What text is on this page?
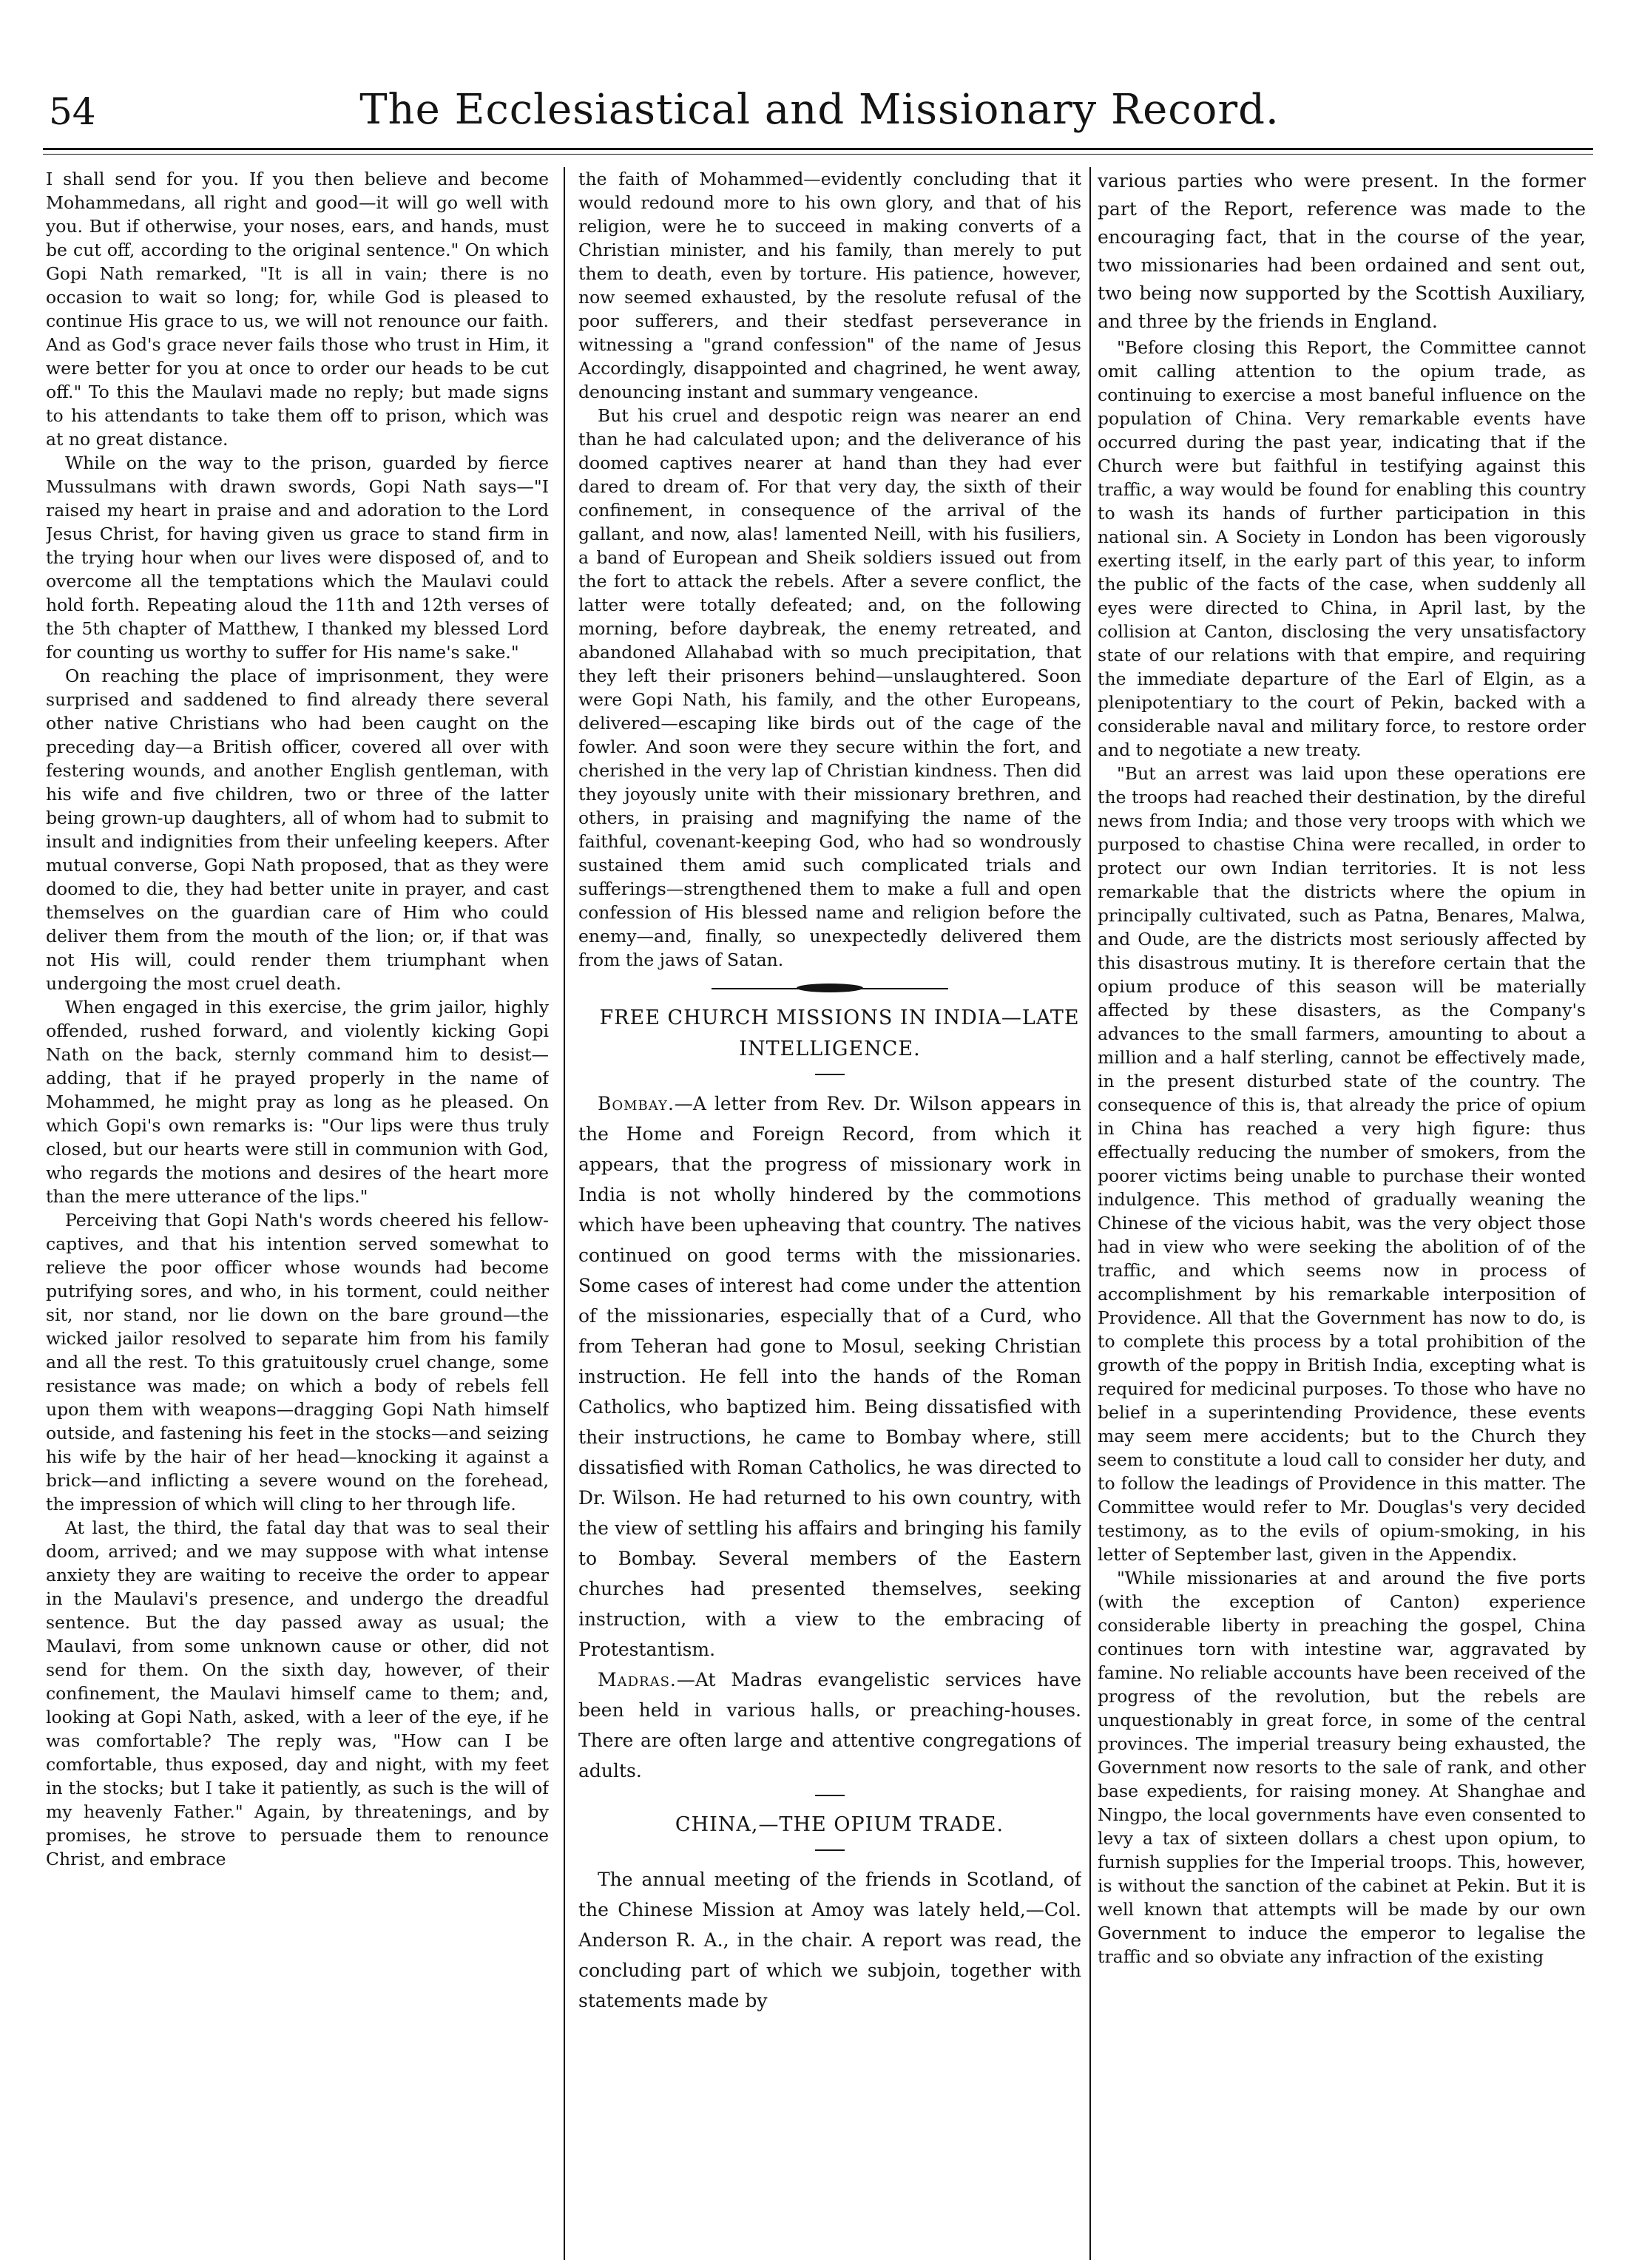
54	The Ecclesiastical and Missionary Record.

I shall send for you. If you then believe and become Mohammedans, all right and good—it will go well with you. But if otherwise, your noses, ears, and hands, must be cut off, according to the original sentence." On which Gopi Nath remarked, "It is all in vain; there is no occasion to wait so long; for, while God is pleased to continue His grace to us, we will not renounce our faith. And as God's grace never fails those who trust in Him, it were better for you at once to order our heads to be cut off." To this the Maulavi made no reply; but made signs to his attendants to take them off to prison, which was at no great distance.

While on the way to the prison, guarded by fierce Mussulmans with drawn swords, Gopi Nath says—"I raised my heart in praise and and adoration to the Lord Jesus Christ, for having given us grace to stand firm in the trying hour when our lives were disposed of, and to overcome all the temptations which the Maulavi could hold forth. Repeating aloud the 11th and 12th verses of the 5th chapter of Matthew, I thanked my blessed Lord for counting us worthy to suffer for His name's sake."

On reaching the place of imprisonment, they were surprised and saddened to find already there several other native Christians who had been caught on the preceding day—a British officer, covered all over with festering wounds, and another English gentleman, with his wife and five children, two or three of the latter being grown-up daughters, all of whom had to submit to insult and indignities from their unfeeling keepers. After mutual converse, Gopi Nath proposed, that as they were doomed to die, they had better unite in prayer, and cast themselves on the guardian care of Him who could deliver them from the mouth of the lion; or, if that was not His will, could render them triumphant when undergoing the most cruel death.

When engaged in this exercise, the grim jailor, highly offended, rushed forward, and violently kicking Gopi Nath on the back, sternly command him to desist—adding, that if he prayed properly in the name of Mohammed, he might pray as long as he pleased. On which Gopi's own remarks is: "Our lips were thus truly closed, but our hearts were still in communion with God, who regards the motions and desires of the heart more than the mere utterance of the lips."

Perceiving that Gopi Nath's words cheered his fellow-captives, and that his intention served somewhat to relieve the poor officer whose wounds had become putrifying sores, and who, in his torment, could neither sit, nor stand, nor lie down on the bare ground—the wicked jailor resolved to separate him from his family and all the rest. To this gratuitously cruel change, some resistance was made; on which a body of rebels fell upon them with weapons—dragging Gopi Nath himself outside, and fastening his feet in the stocks—and seizing his wife by the hair of her head—knocking it against a brick—and inflicting a severe wound on the forehead, the impression of which will cling to her through life.

At last, the third, the fatal day that was to seal their doom, arrived; and we may suppose with what intense anxiety they are waiting to receive the order to appear in the Maulavi's presence, and undergo the dreadful sentence. But the day passed away as usual; the Maulavi, from some unknown cause or other, did not send for them. On the sixth day, however, of their confinement, the Maulavi himself came to them; and, looking at Gopi Nath, asked, with a leer of the eye, if he was comfortable? The reply was, "How can I be comfortable, thus exposed, day and night, with my feet in the stocks; but I take it patiently, as such is the will of my heavenly Father." Again, by threatenings, and by promises, he strove to persuade them to renounce Christ, and embrace

the faith of Mohammed—evidently concluding that it would redound more to his own glory, and that of his religion, were he to succeed in making converts of a Christian minister, and his family, than merely to put them to death, even by torture. His patience, however, now seemed exhausted, by the resolute refusal of the poor sufferers, and their stedfast perseverance in witnessing a "grand confession" of the name of Jesus Accordingly, disappointed and chagrined, he went away, denouncing instant and summary vengeance.

But his cruel and despotic reign was nearer an end than he had calculated upon; and the deliverance of his doomed captives nearer at hand than they had ever dared to dream of. For that very day, the sixth of their confinement, in consequence of the arrival of the gallant, and now, alas! lamented Neill, with his fusiliers, a band of European and Sheik soldiers issued out from the fort to attack the rebels. After a severe conflict, the latter were totally defeated; and, on the following morning, before daybreak, the enemy retreated, and abandoned Allahabad with so much precipitation, that they left their prisoners behind—unslaughtered. Soon were Gopi Nath, his family, and the other Europeans, delivered—escaping like birds out of the cage of the fowler. And soon were they secure within the fort, and cherished in the very lap of Christian kindness. Then did they joyously unite with their missionary brethren, and others, in praising and magnifying the name of the faithful, covenant-keeping God, who had so wondrously sustained them amid such complicated trials and sufferings—strengthened them to make a full and open confession of His blessed name and religion before the enemy—and, finally, so unexpectedly delivered them from the jaws of Satan.

FREE CHURCH MISSIONS IN INDIA—LATE INTELLIGENCE.

Bombay.—A letter from Rev. Dr. Wilson appears in the Home and Foreign Record, from which it appears, that the progress of missionary work in India is not wholly hindered by the commotions which have been upheaving that country. The natives continued on good terms with the missionaries. Some cases of interest had come under the attention of the missionaries, especially that of a Curd, who from Teheran had gone to Mosul, seeking Christian instruction. He fell into the hands of the Roman Catholics, who baptized him. Being dissatisfied with their instructions, he came to Bombay where, still dissatisfied with Roman Catholics, he was directed to Dr. Wilson. He had returned to his own country, with the view of settling his affairs and bringing his family to Bombay. Several members of the Eastern churches had presented themselves, seeking instruction, with a view to the embracing of Protestantism.

Madras.—At Madras evangelistic services have been held in various halls, or preaching-houses. There are often large and attentive congregations of adults.

CHINA,—THE OPIUM TRADE.

The annual meeting of the friends in Scotland, of the Chinese Mission at Amoy was lately held,—Col. Anderson R. A., in the chair. A report was read, the concluding part of which we subjoin, together with statements made by

various parties who were present. In the former part of the Report, reference was made to the encouraging fact, that in the course of the year, two missionaries had been ordained and sent out, two being now supported by the Scottish Auxiliary, and three by the friends in England.

"Before closing this Report, the Committee cannot omit calling attention to the opium trade, as continuing to exercise a most baneful influence on the population of China. Very remarkable events have occurred during the past year, indicating that if the Church were but faithful in testifying against this traffic, a way would be found for enabling this country to wash its hands of further participation in this national sin. A Society in London has been vigorously exerting itself, in the early part of this year, to inform the public of the facts of the case, when suddenly all eyes were directed to China, in April last, by the collision at Canton, disclosing the very unsatisfactory state of our relations with that empire, and requiring the immediate departure of the Earl of Elgin, as a plenipotentiary to the court of Pekin, backed with a considerable naval and military force, to restore order and to negotiate a new treaty.

"But an arrest was laid upon these operations ere the troops had reached their destination, by the direful news from India; and those very troops with which we purposed to chastise China were recalled, in order to protect our own Indian territories. It is not less remarkable that the districts where the opium in principally cultivated, such as Patna, Benares, Malwa, and Oude, are the districts most seriously affected by this disastrous mutiny. It is therefore certain that the opium produce of this season will be materially affected by these disasters, as the Company's advances to the small farmers, amounting to about a million and a half sterling, cannot be effectively made, in the present disturbed state of the country. The consequence of this is, that already the price of opium in China has reached a very high figure: thus effectually reducing the number of smokers, from the poorer victims being unable to purchase their wonted indulgence. This method of gradually weaning the Chinese of the vicious habit, was the very object those had in view who were seeking the abolition of of the traffic, and which seems now in process of accomplishment by his remarkable interposition of Providence. All that the Government has now to do, is to complete this process by a total prohibition of the growth of the poppy in British India, excepting what is required for medicinal purposes. To those who have no belief in a superintending Providence, these events may seem mere accidents; but to the Church they seem to constitute a loud call to consider her duty, and to follow the leadings of Providence in this matter. The Committee would refer to Mr. Douglas's very decided testimony, as to the evils of opium-smoking, in his letter of September last, given in the Appendix.

"While missionaries at and around the five ports (with the exception of Canton) experience considerable liberty in preaching the gospel, China continues torn with intestine war, aggravated by famine. No reliable accounts have been received of the progress of the revolution, but the rebels are unquestionably in great force, in some of the central provinces. The imperial treasury being exhausted, the Government now resorts to the sale of rank, and other base expedients, for raising money. At Shanghae and Ningpo, the local governments have even consented to levy a tax of sixteen dollars a chest upon opium, to furnish supplies for the Imperial troops. This, however, is without the sanction of the cabinet at Pekin. But it is well known that attempts will be made by our own Government to induce the emperor to legalise the traffic and so obviate any infraction of the existing
